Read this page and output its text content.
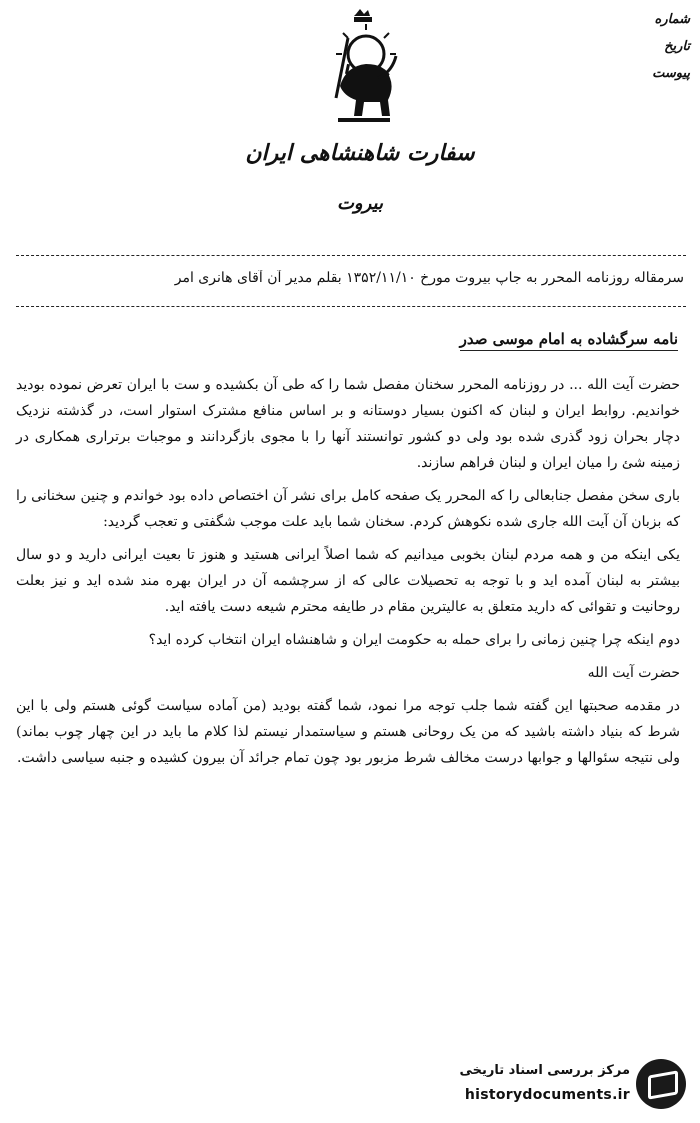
شماره
تاریخ
پیوست
سفارت شاهنشاهی ایران
بیروت
سرمقاله روزنامه المحرر به جاپ بیروت مورخ ۱۳۵۲/۱۱/۱۰ بقلم مدیر آن آقای هانری امر
نامه سرگشاده به امام موسی صدر

حضرت آیت الله ... در روزنامه المحرر سخنان مفصل شما را که طی آن بکشیده و ست با ایران تعرض نموده بودید خواندیم. روابط ایران و لبنان که اکنون بسیار دوستانه و بر اساس منافع مشترک استوار است، در گذشته نزدیک دچار بحران زود گذری شده بود ولی دو کشور توانستند آنها را با مجوی بازگردانند و موجبات برتراری همکاری در زمینه شئ را میان ایران و لبنان فراهم سازند.

باری سخن مفصل جنابعالی را که المحرر یک صفحه کامل برای نشر آن اختصاص داده بود خواندم و چنین سخنانی را که بزبان آن آیت الله جاری شده نکوهش کردم. سخنان شما باید علت موجب شگفتی و تعجب گردید:

یکی اینکه من و همه مردم لبنان بخوبی میدانیم که شما اصلاً ایرانی هستید و هنوز تا بعیت ایرانی دارید و دو سال بیشتر به لبنان آمده اید و با توجه به تحصیلات عالی که از سرچشمه آن در ایران بهره مند شده اید و نیز بعلت روحانیت و تقوائی که دارید متعلق به عالیترین مقام در طایفه محترم شیعه دست یافته اید.

دوم اینکه چرا چنین زمانی را برای حمله به حکومت ایران و شاهنشاه ایران انتخاب کرده اید؟

حضرت آیت الله

در مقدمه صحبتها این گفته شما جلب توجه مرا نمود، شما گفته بودید (من آماده سیاست گوئی هستم ولی با این شرط که بنیاد داشته باشید که من یک روحانی هستم و سیاستمدار نیستم لذا کلام ما باید در این چهار چوب بماند) ولی نتیجه سئوالها و جوابها درست مخالف شرط مزبور بود چون تمام جرائد آن بیرون کشیده و جنبه سیاسی داشت.

مرکز بررسی اسناد تاریخی
historydocuments.ir
